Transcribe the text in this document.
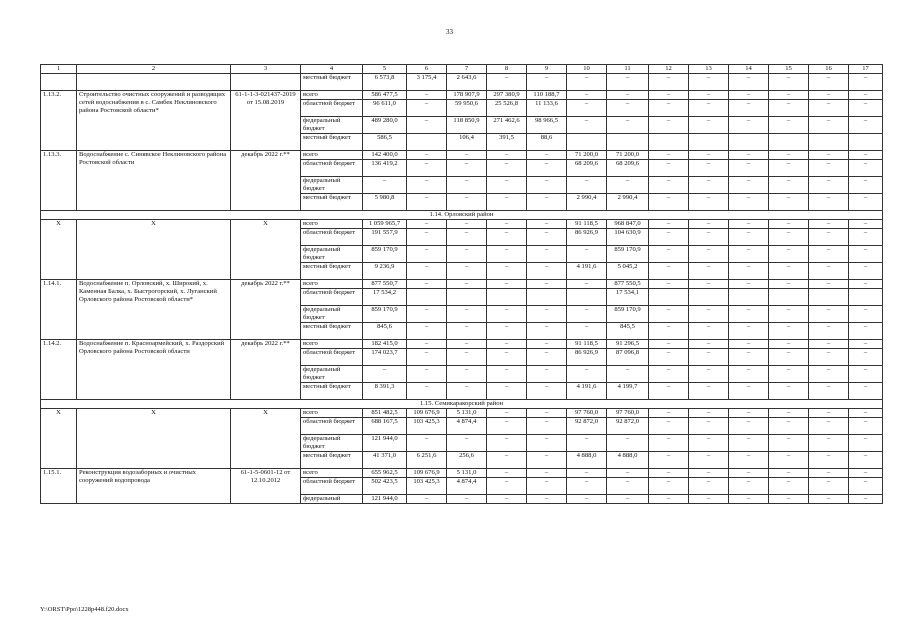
33
1	2	3	4	5	6	7	8	9	10	11	12	13	14	15	16	17
			местный бюджет	6 573,8	3 175,4	2 643,6	–	–	–	–	–	–	–	–	–	–
1.13.2.	Строительство очистных сооружений и разводящих сетей водоснабжения в с. Самбек Неклиновского района Ростовской области*	61-1-1-3-021437-2019 от 15.08.2019	всего	586 477,5	–	178 907,9	297 380,9	110 188,7	–	–	–	–	–	–	–	–
			областной бюджет	96 611,0	–	59 950,6	25 526,8	11 133,6	–	–	–	–	–	–	–	–
			федеральный бюджет	489 280,0	–	118 850,9	271 462,6	98 966,5	–	–	–	–	–	–	–	–
			местный бюджет	586,5		106,4	391,5	88,6								
1.13.3.	Водоснабжение с. Синявское Неклиновского района Ростовской области	декабрь 2022 г.**	всего	142 400,0	–	–	–	–	71 200,0	71 200,0	–	–	–	–	–	–
			областной бюджет	136 419,2	–	–	–	–	68 209,6	68 209,6	–	–	–	–	–	–
			федеральный бюджет	–	–	–	–	–	–	–	–	–	–	–	–	–
			местный бюджет	5 980,8	–	–	–	–	2 990,4	2 990,4	–	–	–	–	–	–
1.14. Орловский район																
X	X	X	всего	1 059 965,7	–	–	–	–	91 118,5	968 847,0	–	–	–	–	–	–
			областной бюджет	191 557,9	–	–	–	–	86 926,9	104 630,9	–	–	–	–	–	–
			федеральный бюджет	859 170,9	–	–	–	–	–	859 170,9	–	–	–	–	–	–
			местный бюджет	9 236,9	–	–	–	–	4 191,6	5 045,2	–	–	–	–	–	–
1.14.1.	Водоснабжение п. Орловский, х. Широкий, х. Каменная Балка, х. Быстрогорский, х. Луганский Орловского района Ростовской области*	декабрь 2022 г.**	всего	877 550,7	–	–	–	–	–	877 550,5	–	–	–	–	–	–
			областной бюджет	17 534,2						17 534,1						
			федеральный бюджет	859 170,9	–	–	–	–	–	859 170,9	–	–	–	–	–	–
			местный бюджет	845,6	–	–	–	–	–	845,5	–	–	–	–	–	–
1.14.2.	Водоснабжение п. Красноармейский, х. Раздорский Орловского района Ростовской области	декабрь 2022 г.**	всего	182 415,0	–	–	–	–	91 118,5	91 296,5	–	–	–	–	–	–
			областной бюджет	174 023,7	–	–	–	–	86 926,9	87 096,8	–	–	–	–	–	–
			федеральный бюджет	–	–	–	–	–	–	–	–	–	–	–	–	–
			местный бюджет	8 391,3	–	–	–	–	4 191,6	4 199,7	–	–	–	–	–	–
1.15. Семикаракорский район																
X	X	X	всего	851 482,5	109 676,9	5 131,0	–	–	97 760,0	97 760,0	–	–	–	–	–	–
			областной бюджет	688 167,5	103 425,3	4 874,4	–	–	92 872,0	92 872,0	–	–	–	–	–	–
			федеральный бюджет	121 944,0	–	–	–	–	–	–	–	–	–	–	–	–
			местный бюджет	41 371,0	6 251,6	256,6	–	–	4 888,0	4 888,0	–	–	–	–	–	–
1.15.1.	Реконструкция водозаборных и очистных сооружений водопровода	61-1-5-0601-12 от 12.10.2012	всего	655 962,5	109 676,9	5 131,0	–	–	–	–	–	–	–	–	–	–
			областной бюджет	502 423,5	103 425,3	4 874,4	–	–	–	–	–	–	–	–	–	–
			федеральный	121 944,0	–	–	–	–	–	–	–	–	–	–	–	–
Y:\ORST\Ppo\1228p448.f20.docx
